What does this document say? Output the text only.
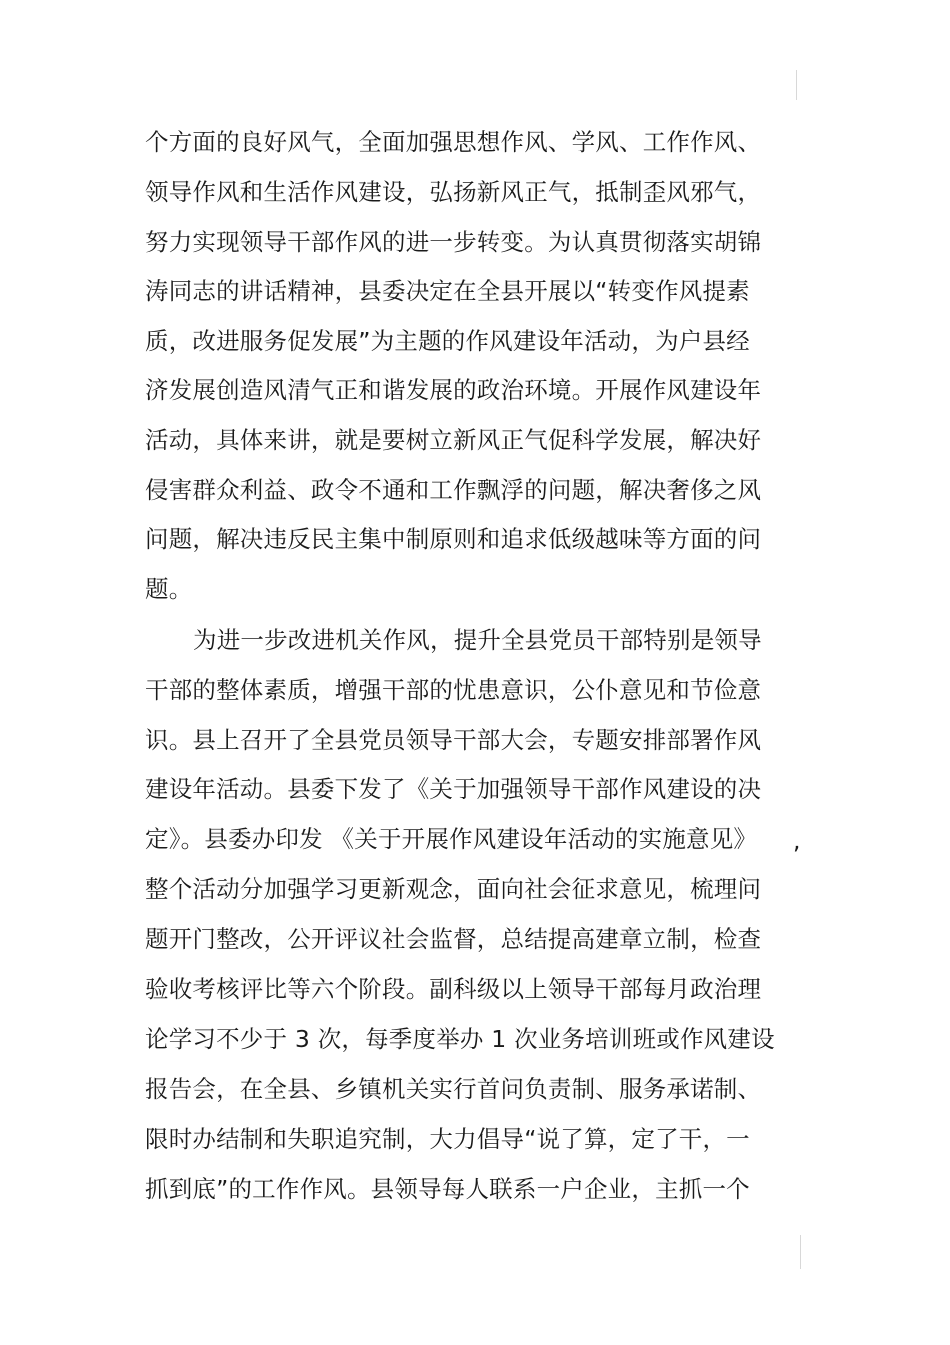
个方面的良好风气，全面加强思想作风、学风、工作作风、
领导作风和生活作风建设，弘扬新风正气，抵制歪风邪气，
努力实现领导干部作风的进一步转变。为认真贯彻落实胡锦
涛同志的讲话精神，县委决定在全县开展以“转变作风提素
质，改进服务促发展”为主题的作风建设年活动，为户县经
济发展创造风清气正和谐发展的政治环境。开展作风建设年
活动，具体来讲，就是要树立新风正气促科学发展，解决好
侵害群众利益、政令不通和工作飘浮的问题，解决奢侈之风
问题，解决违反民主集中制原则和追求低级越味等方面的问
题。
为进一步改进机关作风，提升全县党员干部特别是领导
干部的整体素质，增强干部的忧患意识，公仆意见和节俭意
识。县上召开了全县党员领导干部大会，专题安排部署作风
建设年活动。县委下发了《关于加强领导干部作风建设的决
定》。县委办印发 《关于开展作风建设年活动的实施意见》 ,
整个活动分加强学习更新观念，面向社会征求意见，梳理问
题开门整改，公开评议社会监督，总结提高建章立制，检查
验收考核评比等六个阶段。副科级以上领导干部每月政治理
论学习不少于 3 次，每季度举办 1 次业务培训班或作风建设
报告会，在全县、乡镇机关实行首问负责制、服务承诺制、
限时办结制和失职追究制，大力倡导“说了算，定了干，一
抓到底”的工作作风。县领导每人联系一户企业，主抓一个
